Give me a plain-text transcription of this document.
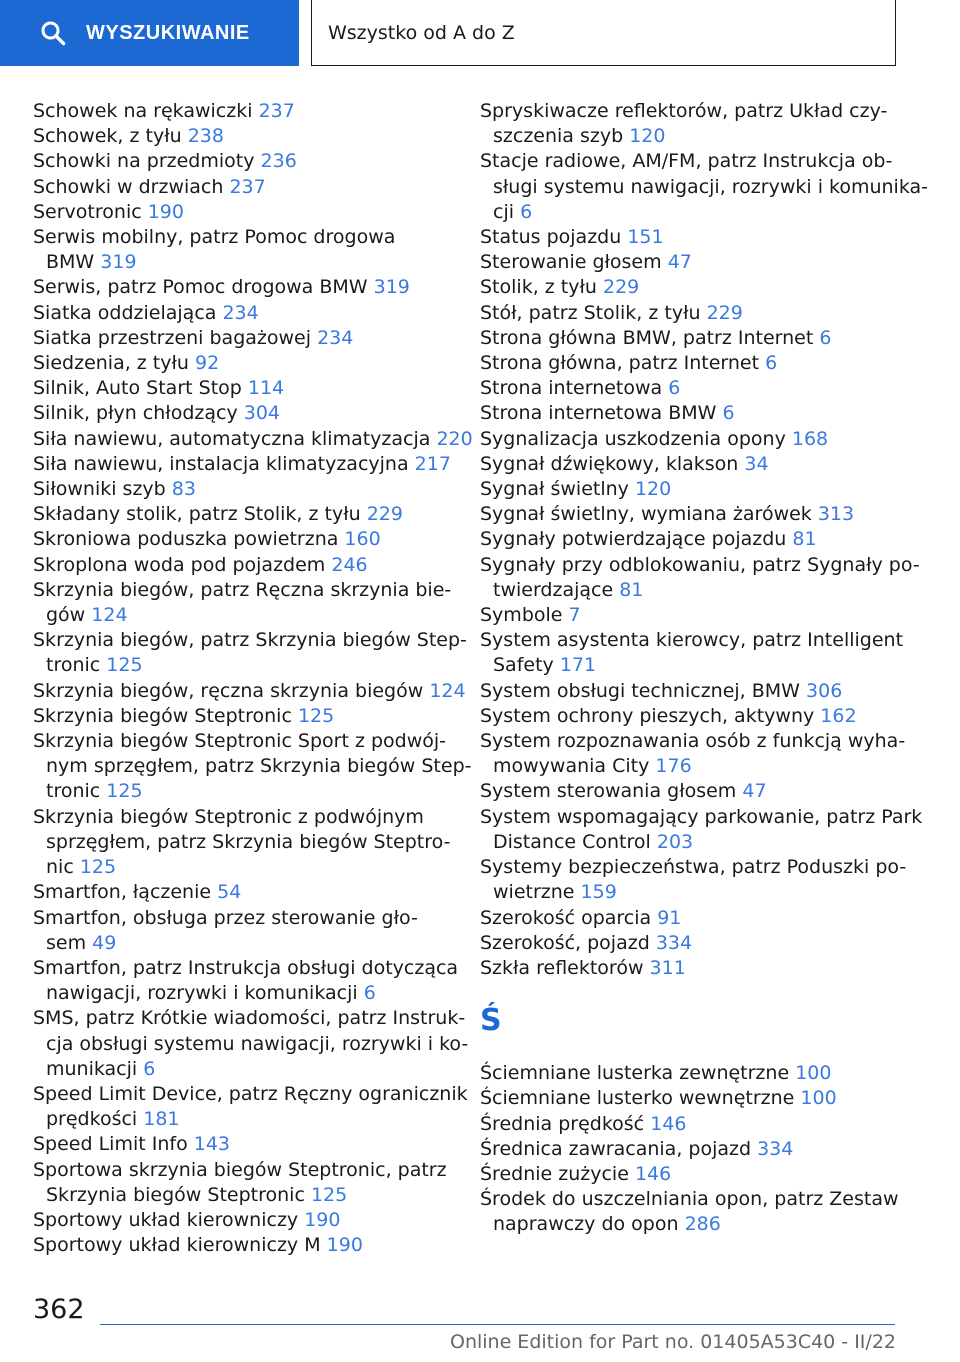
WYSZUKIWANIE	Wszystko od A do Z
Schowek na rękawiczki 237
Schowek, z tyłu 238
Schowki na przedmioty 236
Schowki w drzwiach 237
Servotronic 190
Serwis mobilny, patrz Pomoc drogowa
BMW 319
Serwis, patrz Pomoc drogowa BMW 319
Siatka oddzielająca 234
Siatka przestrzeni bagażowej 234
Siedzenia, z tyłu 92
Silnik, Auto Start Stop 114
Silnik, płyn chłodzący 304
Siła nawiewu, automatyczna klimatyzacja 220
Siła nawiewu, instalacja klimatyzacyjna 217
Siłowniki szyb 83
Składany stolik, patrz Stolik, z tyłu 229
Skroniowa poduszka powietrzna 160
Skroplona woda pod pojazdem 246
Skrzynia biegów, patrz Ręczna skrzynia bie-
gów 124
Skrzynia biegów, patrz Skrzynia biegów Step-
tronic 125
Skrzynia biegów, ręczna skrzynia biegów 124
Skrzynia biegów Steptronic 125
Skrzynia biegów Steptronic Sport z podwój-
nym sprzęgłem, patrz Skrzynia biegów Step-
tronic 125
Skrzynia biegów Steptronic z podwójnym
sprzęgłem, patrz Skrzynia biegów Steptro-
nic 125
Smartfon, łączenie 54
Smartfon, obsługa przez sterowanie gło-
sem 49
Smartfon, patrz Instrukcja obsługi dotycząca
nawigacji, rozrywki i komunikacji 6
SMS, patrz Krótkie wiadomości, patrz Instruk-
cja obsługi systemu nawigacji, rozrywki i ko-
munikacji 6
Speed Limit Device, patrz Ręczny ogranicznik
prędkości 181
Speed Limit Info 143
Sportowa skrzynia biegów Steptronic, patrz
Skrzynia biegów Steptronic 125
Sportowy układ kierowniczy 190
Sportowy układ kierowniczy M 190
Spryskiwacze reflektorów, patrz Układ czy-
szczenia szyb 120
Stacje radiowe, AM/FM, patrz Instrukcja ob-
sługi systemu nawigacji, rozrywki i komunika-
cji 6
Status pojazdu 151
Sterowanie głosem 47
Stolik, z tyłu 229
Stół, patrz Stolik, z tyłu 229
Strona główna BMW, patrz Internet 6
Strona główna, patrz Internet 6
Strona internetowa 6
Strona internetowa BMW 6
Sygnalizacja uszkodzenia opony 168
Sygnał dźwiękowy, klakson 34
Sygnał świetlny 120
Sygnał świetlny, wymiana żarówek 313
Sygnały potwierdzające pojazdu 81
Sygnały przy odblokowaniu, patrz Sygnały po-
twierdzające 81
Symbole 7
System asystenta kierowcy, patrz Intelligent
Safety 171
System obsługi technicznej, BMW 306
System ochrony pieszych, aktywny 162
System rozpoznawania osób z funkcją wyha-
mowywania City 176
System sterowania głosem 47
System wspomagający parkowanie, patrz Park
Distance Control 203
Systemy bezpieczeństwa, patrz Poduszki po-
wietrzne 159
Szerokość oparcia 91
Szerokość, pojazd 334
Szkła reflektorów 311
Ś
Ściemniane lusterka zewnętrzne 100
Ściemniane lusterko wewnętrzne 100
Średnia prędkość 146
Średnica zawracania, pojazd 334
Średnie zużycie 146
Środek do uszczelniania opon, patrz Zestaw
naprawczy do opon 286
362
Online Edition for Part no. 01405A53C40 - II/22
